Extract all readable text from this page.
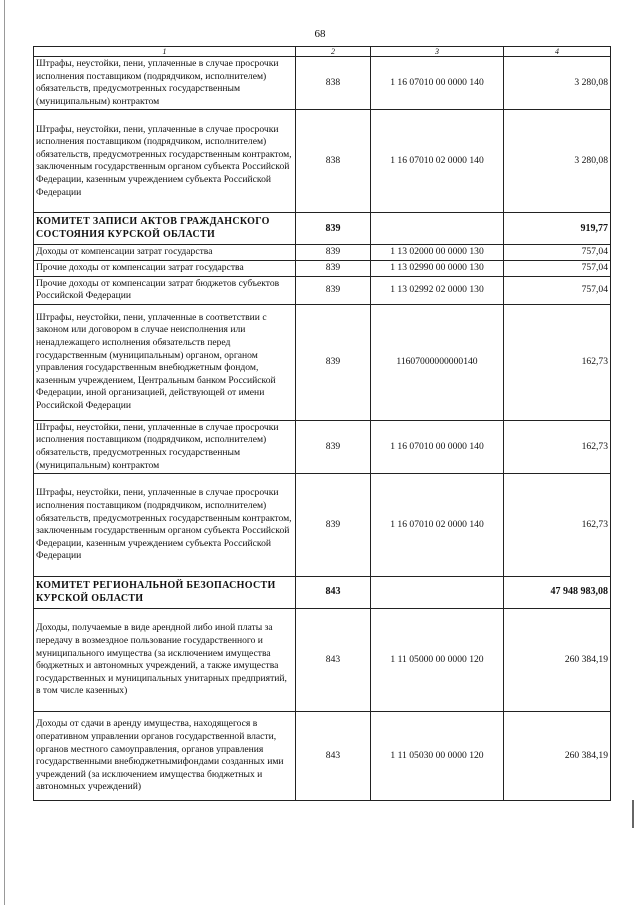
68
1	2	3	4
Штрафы, неустойки, пени, уплаченные в случае просрочки исполнения поставщиком (подрядчиком, исполнителем) обязательств, предусмотренных государственным (муниципальным) контрактом	838	1 16 07010 00 0000 140	3 280,08
Штрафы, неустойки, пени, уплаченные в случае просрочки исполнения поставщиком (подрядчиком, исполнителем) обязательств, предусмотренных государственным контрактом, заключенным государственным органом субъекта Российской Федерации, казенным учреждением субъекта Российской Федерации	838	1 16 07010 02 0000 140	3 280,08
КОМИТЕТ ЗАПИСИ АКТОВ ГРАЖДАНСКОГО СОСТОЯНИЯ КУРСКОЙ ОБЛАСТИ	839		919,77
Доходы от компенсации затрат государства	839	1 13 02000 00 0000 130	757,04
Прочие доходы от компенсации затрат государства	839	1 13 02990 00 0000 130	757,04
Прочие доходы от компенсации затрат бюджетов субъектов Российской Федерации	839	1 13 02992 02 0000 130	757,04
Штрафы, неустойки, пени, уплаченные в соответствии с законом или договором в случае неисполнения или ненадлежащего исполнения обязательств перед государственным (муниципальным) органом, органом управления государственным внебюджетным фондом, казенным учреждением, Центральным банком Российской Федерации, иной организацией, действующей от имени Российской Федерации	839	11607000000000140	162,73
Штрафы, неустойки, пени, уплаченные в случае просрочки исполнения поставщиком (подрядчиком, исполнителем) обязательств, предусмотренных государственным (муниципальным) контрактом	839	1 16 07010 00 0000 140	162,73
Штрафы, неустойки, пени, уплаченные в случае просрочки исполнения поставщиком (подрядчиком, исполнителем) обязательств, предусмотренных государственным контрактом, заключенным государственным органом субъекта Российской Федерации, казенным учреждением субъекта Российской Федерации	839	1 16 07010 02 0000 140	162,73
КОМИТЕТ РЕГИОНАЛЬНОЙ БЕЗОПАСНОСТИ КУРСКОЙ ОБЛАСТИ	843		47 948 983,08
Доходы, получаемые в виде арендной либо иной платы за передачу в возмездное пользование государственного и муниципального имущества (за исключением имущества бюджетных и автономных учреждений, а также имущества государственных и муниципальных унитарных предприятий, в том числе казенных)	843	1 11 05000 00 0000 120	260 384,19
Доходы от сдачи в аренду имущества, находящегося в оперативном управлении органов государственной власти, органов местного самоуправления, органов управления государственными внебюджетнымифондами созданных ими учреждений (за исключением имущества бюджетных и автономных учреждений)	843	1 11 05030 00 0000 120	260 384,19
